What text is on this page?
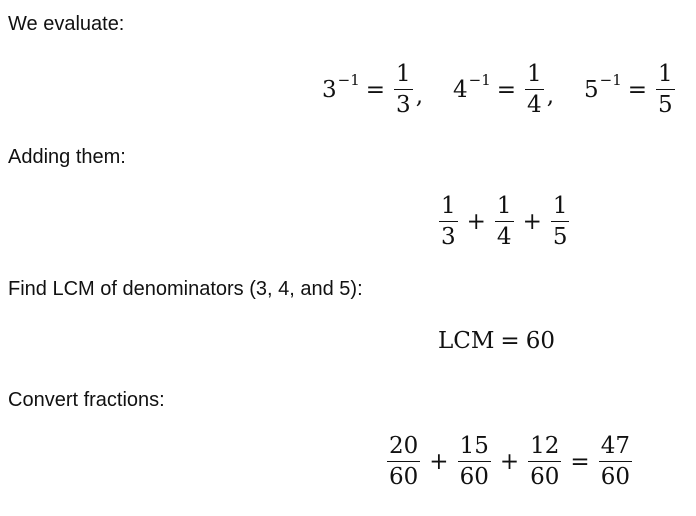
We evaluate:
Adding them:
Find LCM of denominators (3, 4, and 5):
Convert fractions:
$3^{-1} = \frac{1}{3}$ , $4^{-1} = \frac{1}{4}$ , $5^{-1} = \frac{1}{5}$
$\frac{1}{3} + \frac{1}{4} + \frac{1}{5}$
LCM = 60
$\frac{20}{60} + \frac{15}{60} + \frac{12}{60} = \frac{47}{60}$
